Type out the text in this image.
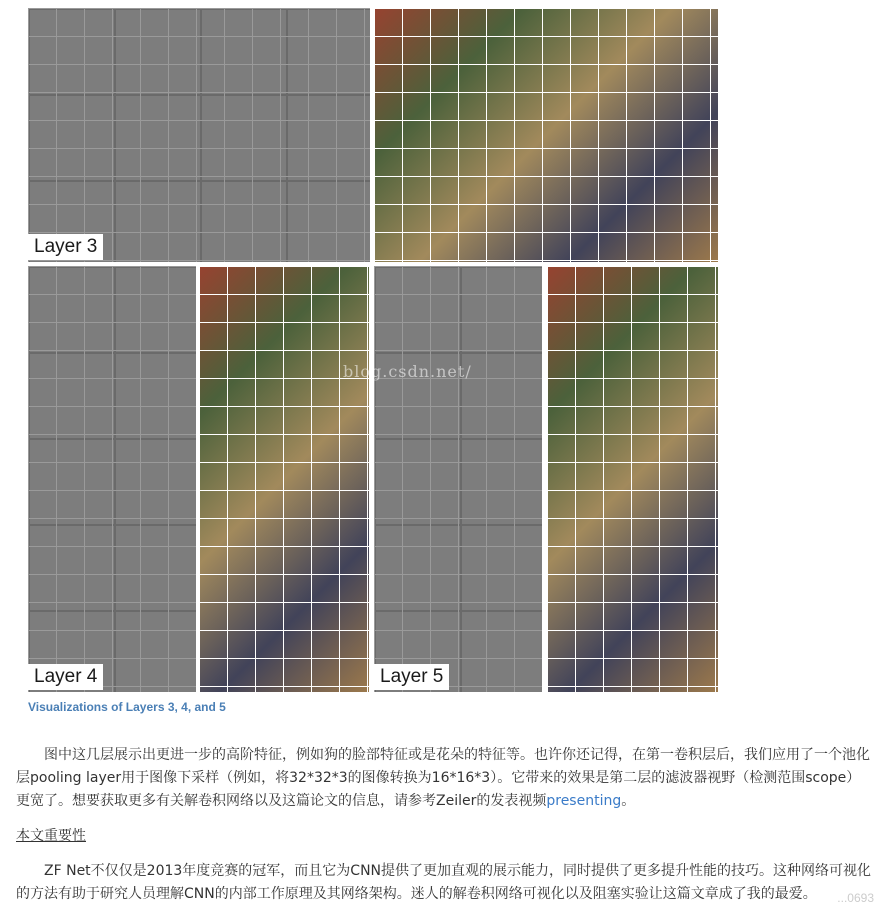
Layer 3
Layer 4	Layer 5
blog.csdn.net/
Visualizations of Layers 3, 4, and 5
图中这几层展示出更进一步的高阶特征，例如狗的脸部特征或是花朵的特征等。也许你还记得，在第一卷积层后，我们应用了一个池化层pooling layer用于图像下采样（例如，将32*32*3的图像转换为16*16*3）。它带来的效果是第二层的滤波器视野（检测范围scope）更宽了。想要获取更多有关解卷积网络以及这篇论文的信息，请参考Zeiler的发表视频presenting。
本文重要性
ZF Net不仅仅是2013年度竞赛的冠军，而且它为CNN提供了更加直观的展示能力，同时提供了更多提升性能的技巧。这种网络可视化的方法有助于研究人员理解CNN的内部工作原理及其网络架构。迷人的解卷积网络可视化以及阻塞实验让这篇文章成了我的最爱。	...0693
